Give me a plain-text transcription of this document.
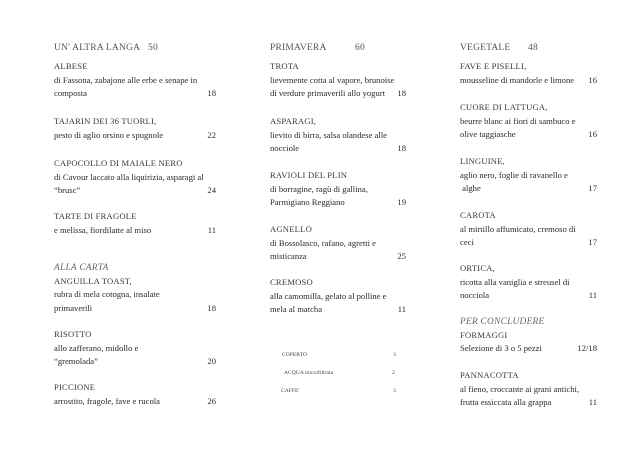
UN' ALTRA LANGA 50
ALBESE
di Fassona, zabajone alle erbe e senape in
composta	18
TAJARIN DEI 36 TUORLI,
pesto di aglio orsino e spugnole	22
CAPOCOLLO DI MAIALE NERO
di Cavour laccato alla liquirizia, asparagi al
“brusc”	24
TARTE DI FRAGOLE
e melissa, fiordilatte al miso	11
ALLA CARTA
ANGUILLA TOAST,
rubra di mela cotogna, insalate
primaverili	18
RISOTTO
allo zafferano, midollo e
“gremolada”	20
PICCIONE
arrostito, fragole, fave e rucola	26
PRIMAVERA	60
TROTA
lievemente cotta al vapore, brunoise
di verdure primaverili allo yogurt	18
ASPARAGI,
lievito di birra, salsa olandese alle
nocciole	18
RAVIOLI DEL PLIN
di borragine, ragù di gallina,
Parmigiano Reggiano	19
AGNELLO
di Bossolasco, rafano, agretti e
misticanza	25
CREMOSO
alla camomilla, gelato al polline e
mela al matcha	11
COPERTO	3
ACQUA microfiltrata	2
CAFFE'	3
VEGETALE 48
FAVE E PISELLI,
mousseline di mandorle e limone	16
CUORE DI LATTUGA,
beurre blanc ai fiori di sambuco e
olive taggiasche	16
LINGUINE,
aglio nero, foglie di ravanello e
alghe	17
CAROTA
al mirtillo affumicato, cremoso di
ceci	17
ORTICA,
ricotta alla vaniglia e streusel di
nocciola	11
PER CONCLUDERE
FORMAGGI
Selezione di 3 o 5 pezzi	12/18
PANNACOTTA
al fieno, croccante ai grani antichi,
frutta essiccata alla grappa	11
